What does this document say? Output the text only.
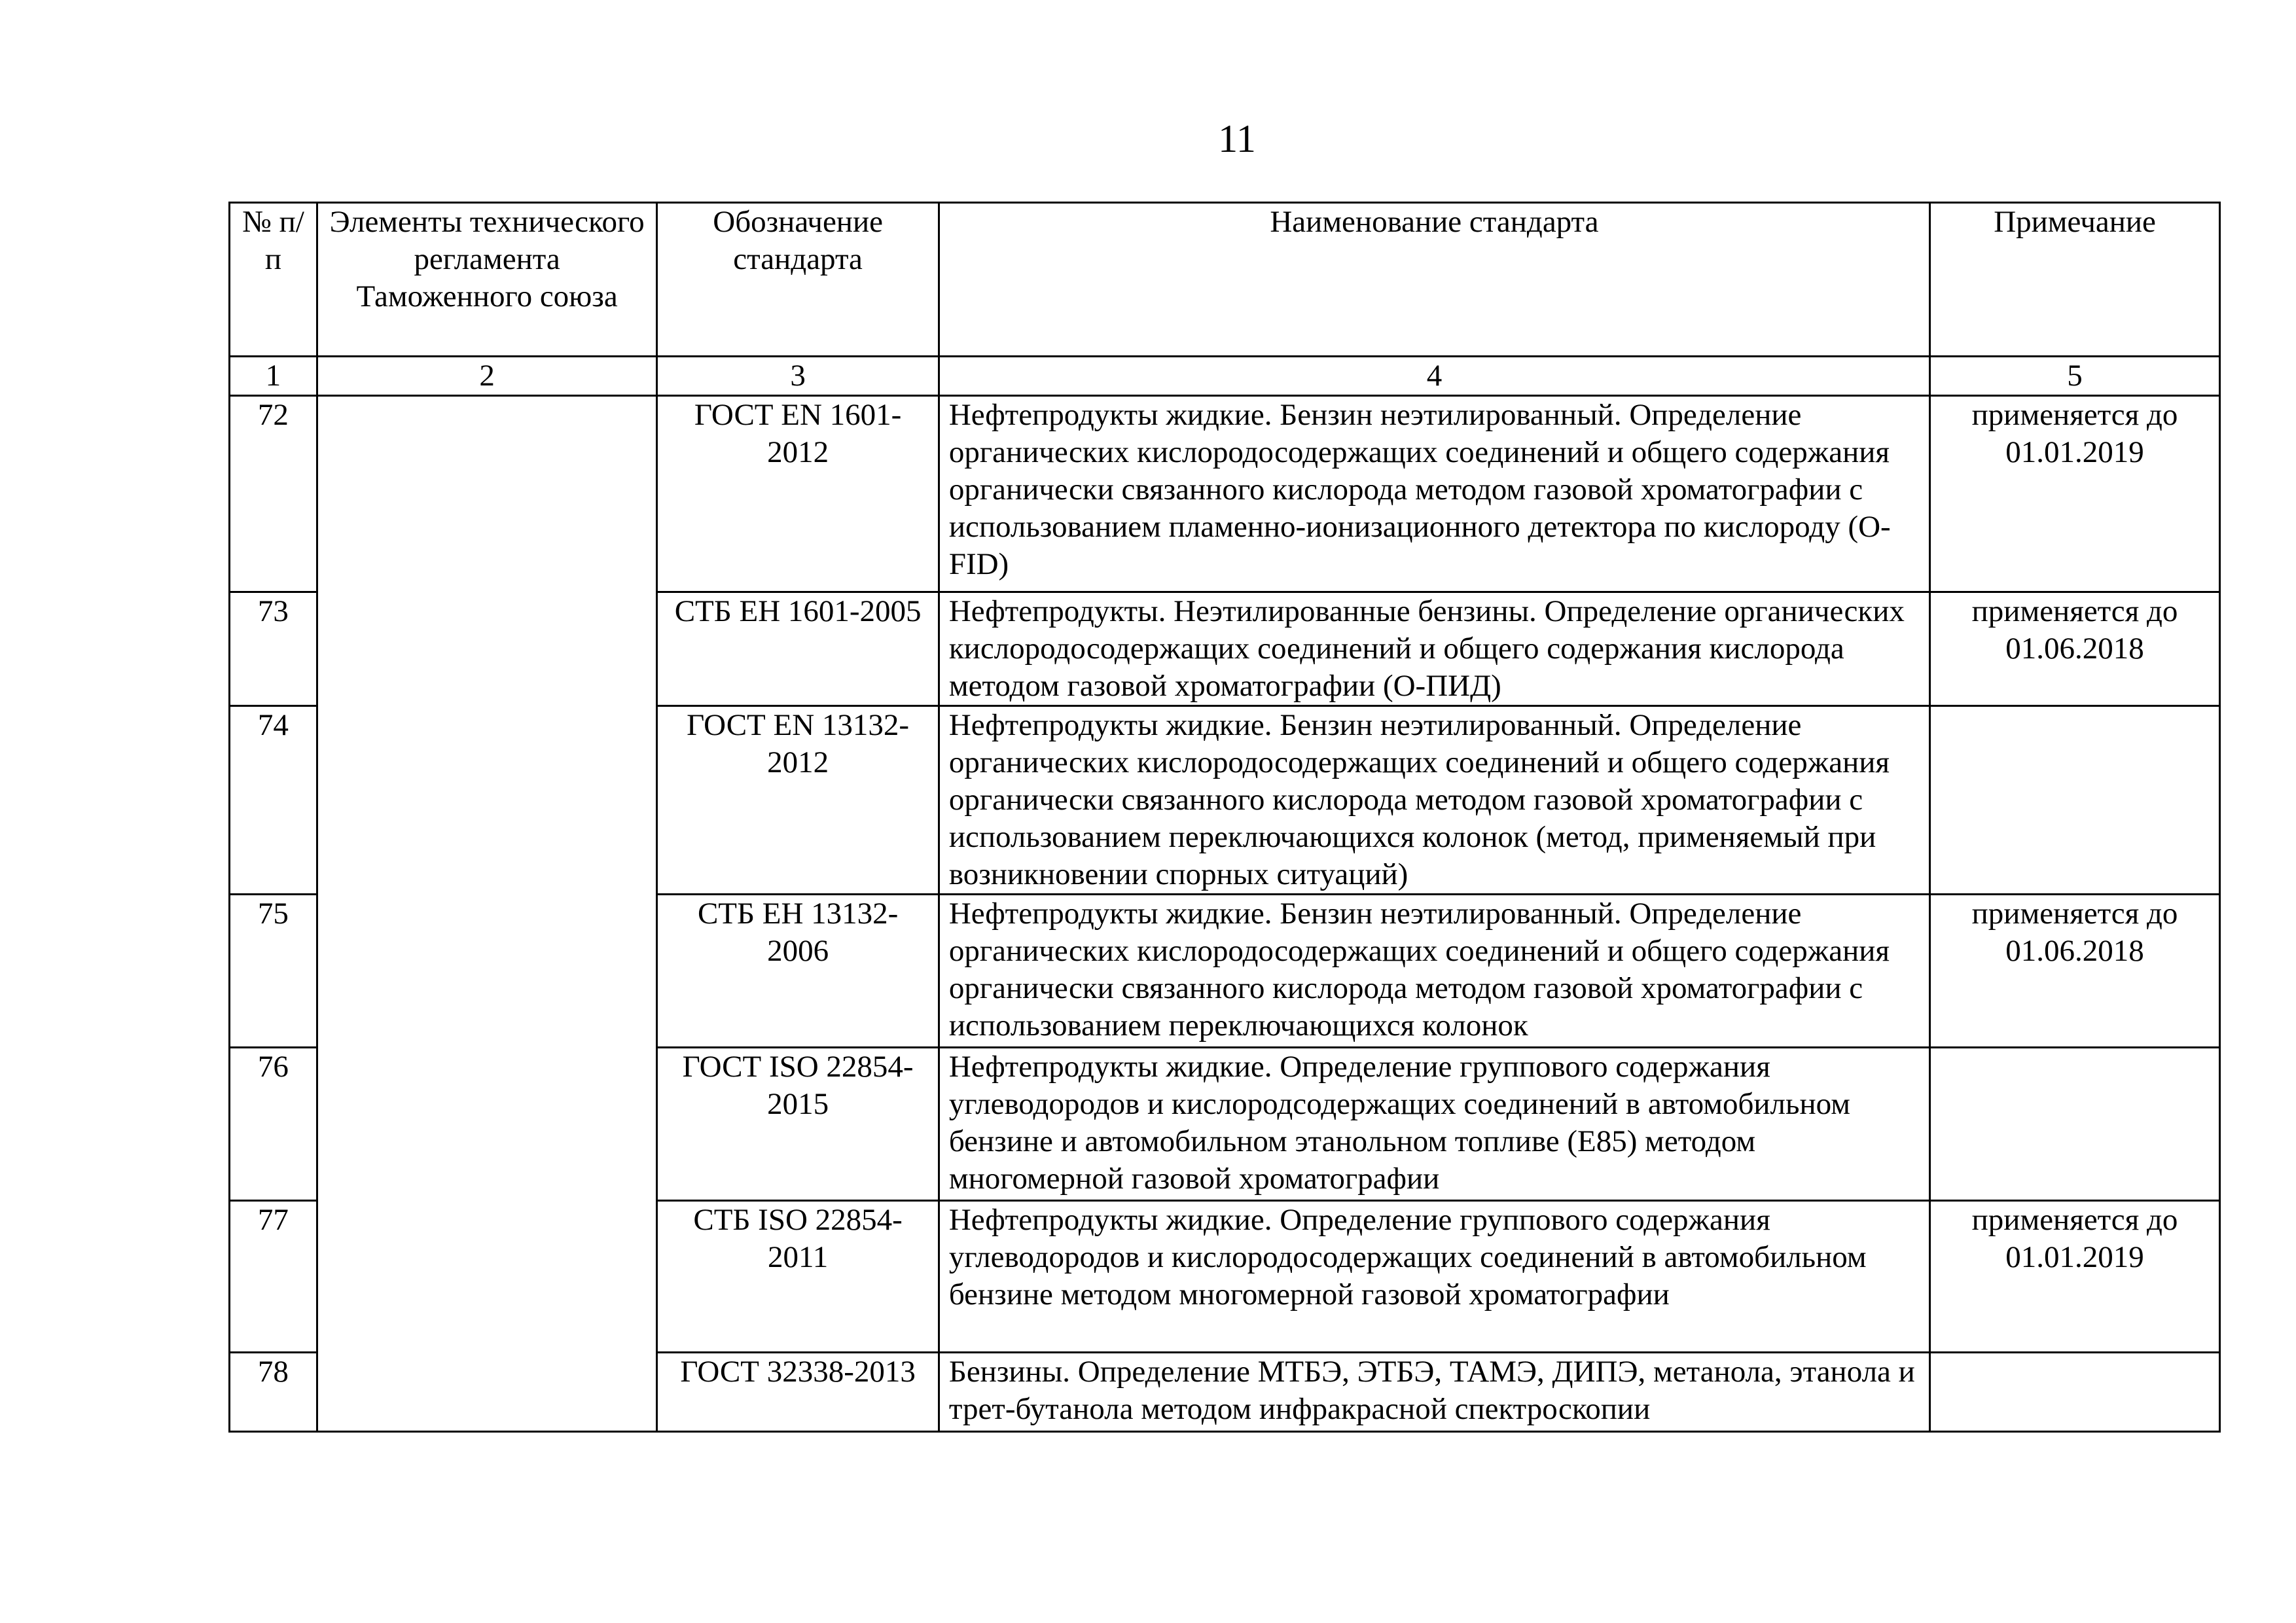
11
№ п/п	Элементы технического регламента Таможенного союза	Обозначение стандарта	Наименование стандарта	Примечание
1	2	3	4	5
72		ГОСТ EN 1601-2012	Нефтепродукты жидкие. Бензин неэтилированный. Определение органических кислородосодержащих соединений и общего содержания органически связанного кислорода методом газовой хроматографии с использованием пламенно-ионизационного детектора по кислороду (O-FID)	применяется до 01.01.2019
73		СТБ ЕН 1601-2005	Нефтепродукты. Неэтилированные бензины. Определение органических кислородосодержащих соединений и общего содержания кислорода методом газовой хроматографии (О-ПИД)	применяется до 01.06.2018
74		ГОСТ EN 13132-2012	Нефтепродукты жидкие. Бензин неэтилированный. Определение органических кислородосодержащих соединений и общего содержания органически связанного кислорода методом газовой хроматографии с использованием переключающихся колонок (метод, применяемый при возникновении спорных ситуаций)	
75		СТБ ЕН 13132-2006	Нефтепродукты жидкие. Бензин неэтилированный. Определение органических кислородосодержащих соединений и общего содержания органически связанного кислорода методом газовой хроматографии с использованием переключающихся колонок	применяется до 01.06.2018
76		ГОСТ ISO 22854-2015	Нефтепродукты жидкие. Определение группового содержания углеводородов и кислородсодержащих соединений в автомобильном бензине и автомобильном этанольном топливе (Е85) методом многомерной газовой хроматографии	
77		СТБ ISO 22854-2011	Нефтепродукты жидкие. Определение группового содержания углеводородов и кислородосодержащих соединений в автомобильном бензине методом многомерной газовой хроматографии	применяется до 01.01.2019
78		ГОСТ 32338-2013	Бензины. Определение МТБЭ, ЭТБЭ, ТАМЭ, ДИПЭ, метанола, этанола и трет-бутанола методом инфракрасной спектроскопии	
